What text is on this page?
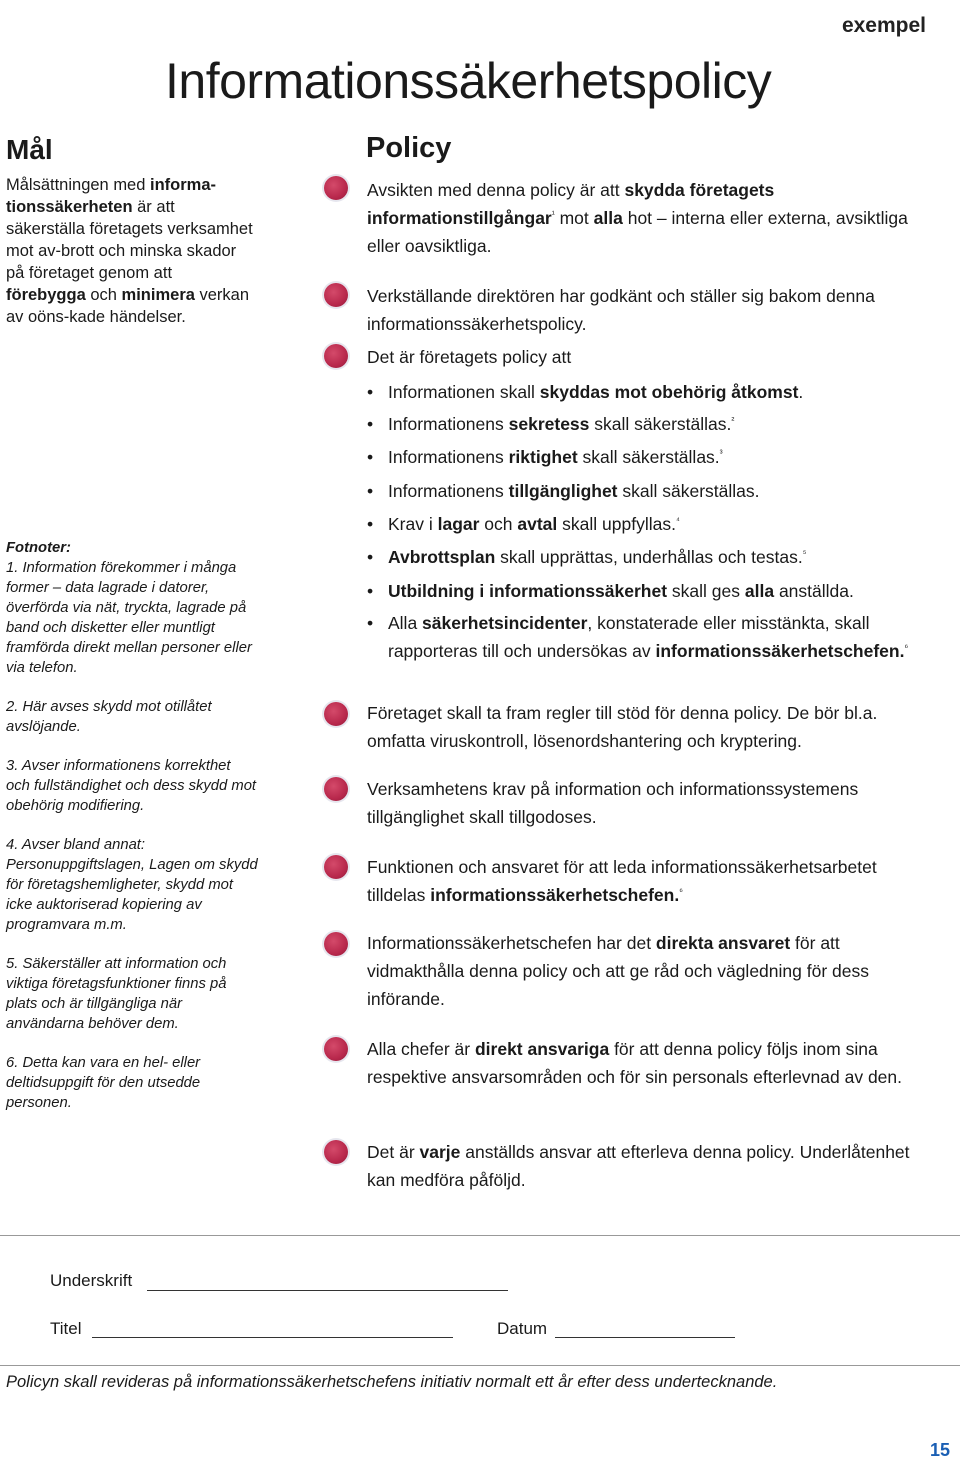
exempel
Informationssäkerhetspolicy
Mål
Målsättningen med informa-tionssäkerheten är att säkerställa företagets verksamhet mot av-brott och minska skador på företaget genom att förebygga och minimera verkan av oöns-kade händelser.
Fotnoter:
1. Information förekommer i många former – data lagrade i datorer, överförda via nät, tryckta, lagrade på band och disketter eller muntligt framförda direkt mellan personer eller via telefon.
2. Här avses skydd mot otillåtet avslöjande.
3. Avser informationens korrekthet och fullständighet och dess skydd mot obehörig modifiering.
4. Avser bland annat: Personuppgiftslagen, Lagen om skydd för företagshemligheter, skydd mot icke auktoriserad kopiering av programvara m.m.
5. Säkerställer att information och viktiga företagsfunktioner finns på plats och är tillgängliga när användarna behöver dem.
6. Detta kan vara en hel- eller deltidsuppgift för den utsedde personen.
Policy
Avsikten med denna policy är att skydda företagets informationstillgångar$^{^1}$ mot alla hot – interna eller externa, avsiktliga eller oavsiktliga.
Verkställande direktören har godkänt och ställer sig bakom denna informationssäkerhetspolicy.
Det är företagets policy att
• Informationen skall skyddas mot obehörig åtkomst.
• Informationens sekretess skall säkerställas.$^{^2}$
• Informationens riktighet skall säkerställas.$^{^3}$
• Informationens tillgänglighet skall säkerställas.
• Krav i lagar och avtal skall uppfyllas.$^{^4}$
• Avbrottsplan skall upprättas, underhållas och testas.$^{^5}$
• Utbildning i informationssäkerhet skall ges alla anställda.
• Alla säkerhetsincidenter, konstaterade eller misstänkta, skall rapporteras till och undersökas av informationssäkerhetschefen.$^{^6}$
Företaget skall ta fram regler till stöd för denna policy. De bör bl.a. omfatta viruskontroll, lösenordshantering och kryptering.
Verksamhetens krav på information och informationssystemens tillgänglighet skall tillgodoses.
Funktionen och ansvaret för att leda informationssäkerhetsarbetet tilldelas informationssäkerhetschefen.$^{^6}$
Informationssäkerhetschefen har det direkta ansvaret för att vidmakthålla denna policy och att ge råd och vägledning för dess införande.
Alla chefer är direkt ansvariga för att denna policy följs inom sina respektive ansvarsområden och för sin personals efterlevnad av den.
Det är varje anställds ansvar att efterleva denna policy. Underlåtenhet kan medföra påföljd.
Underskrift
Titel	Datum
Policyn skall revideras på informationssäkerhetschefens initiativ normalt ett år efter dess undertecknande.
15
